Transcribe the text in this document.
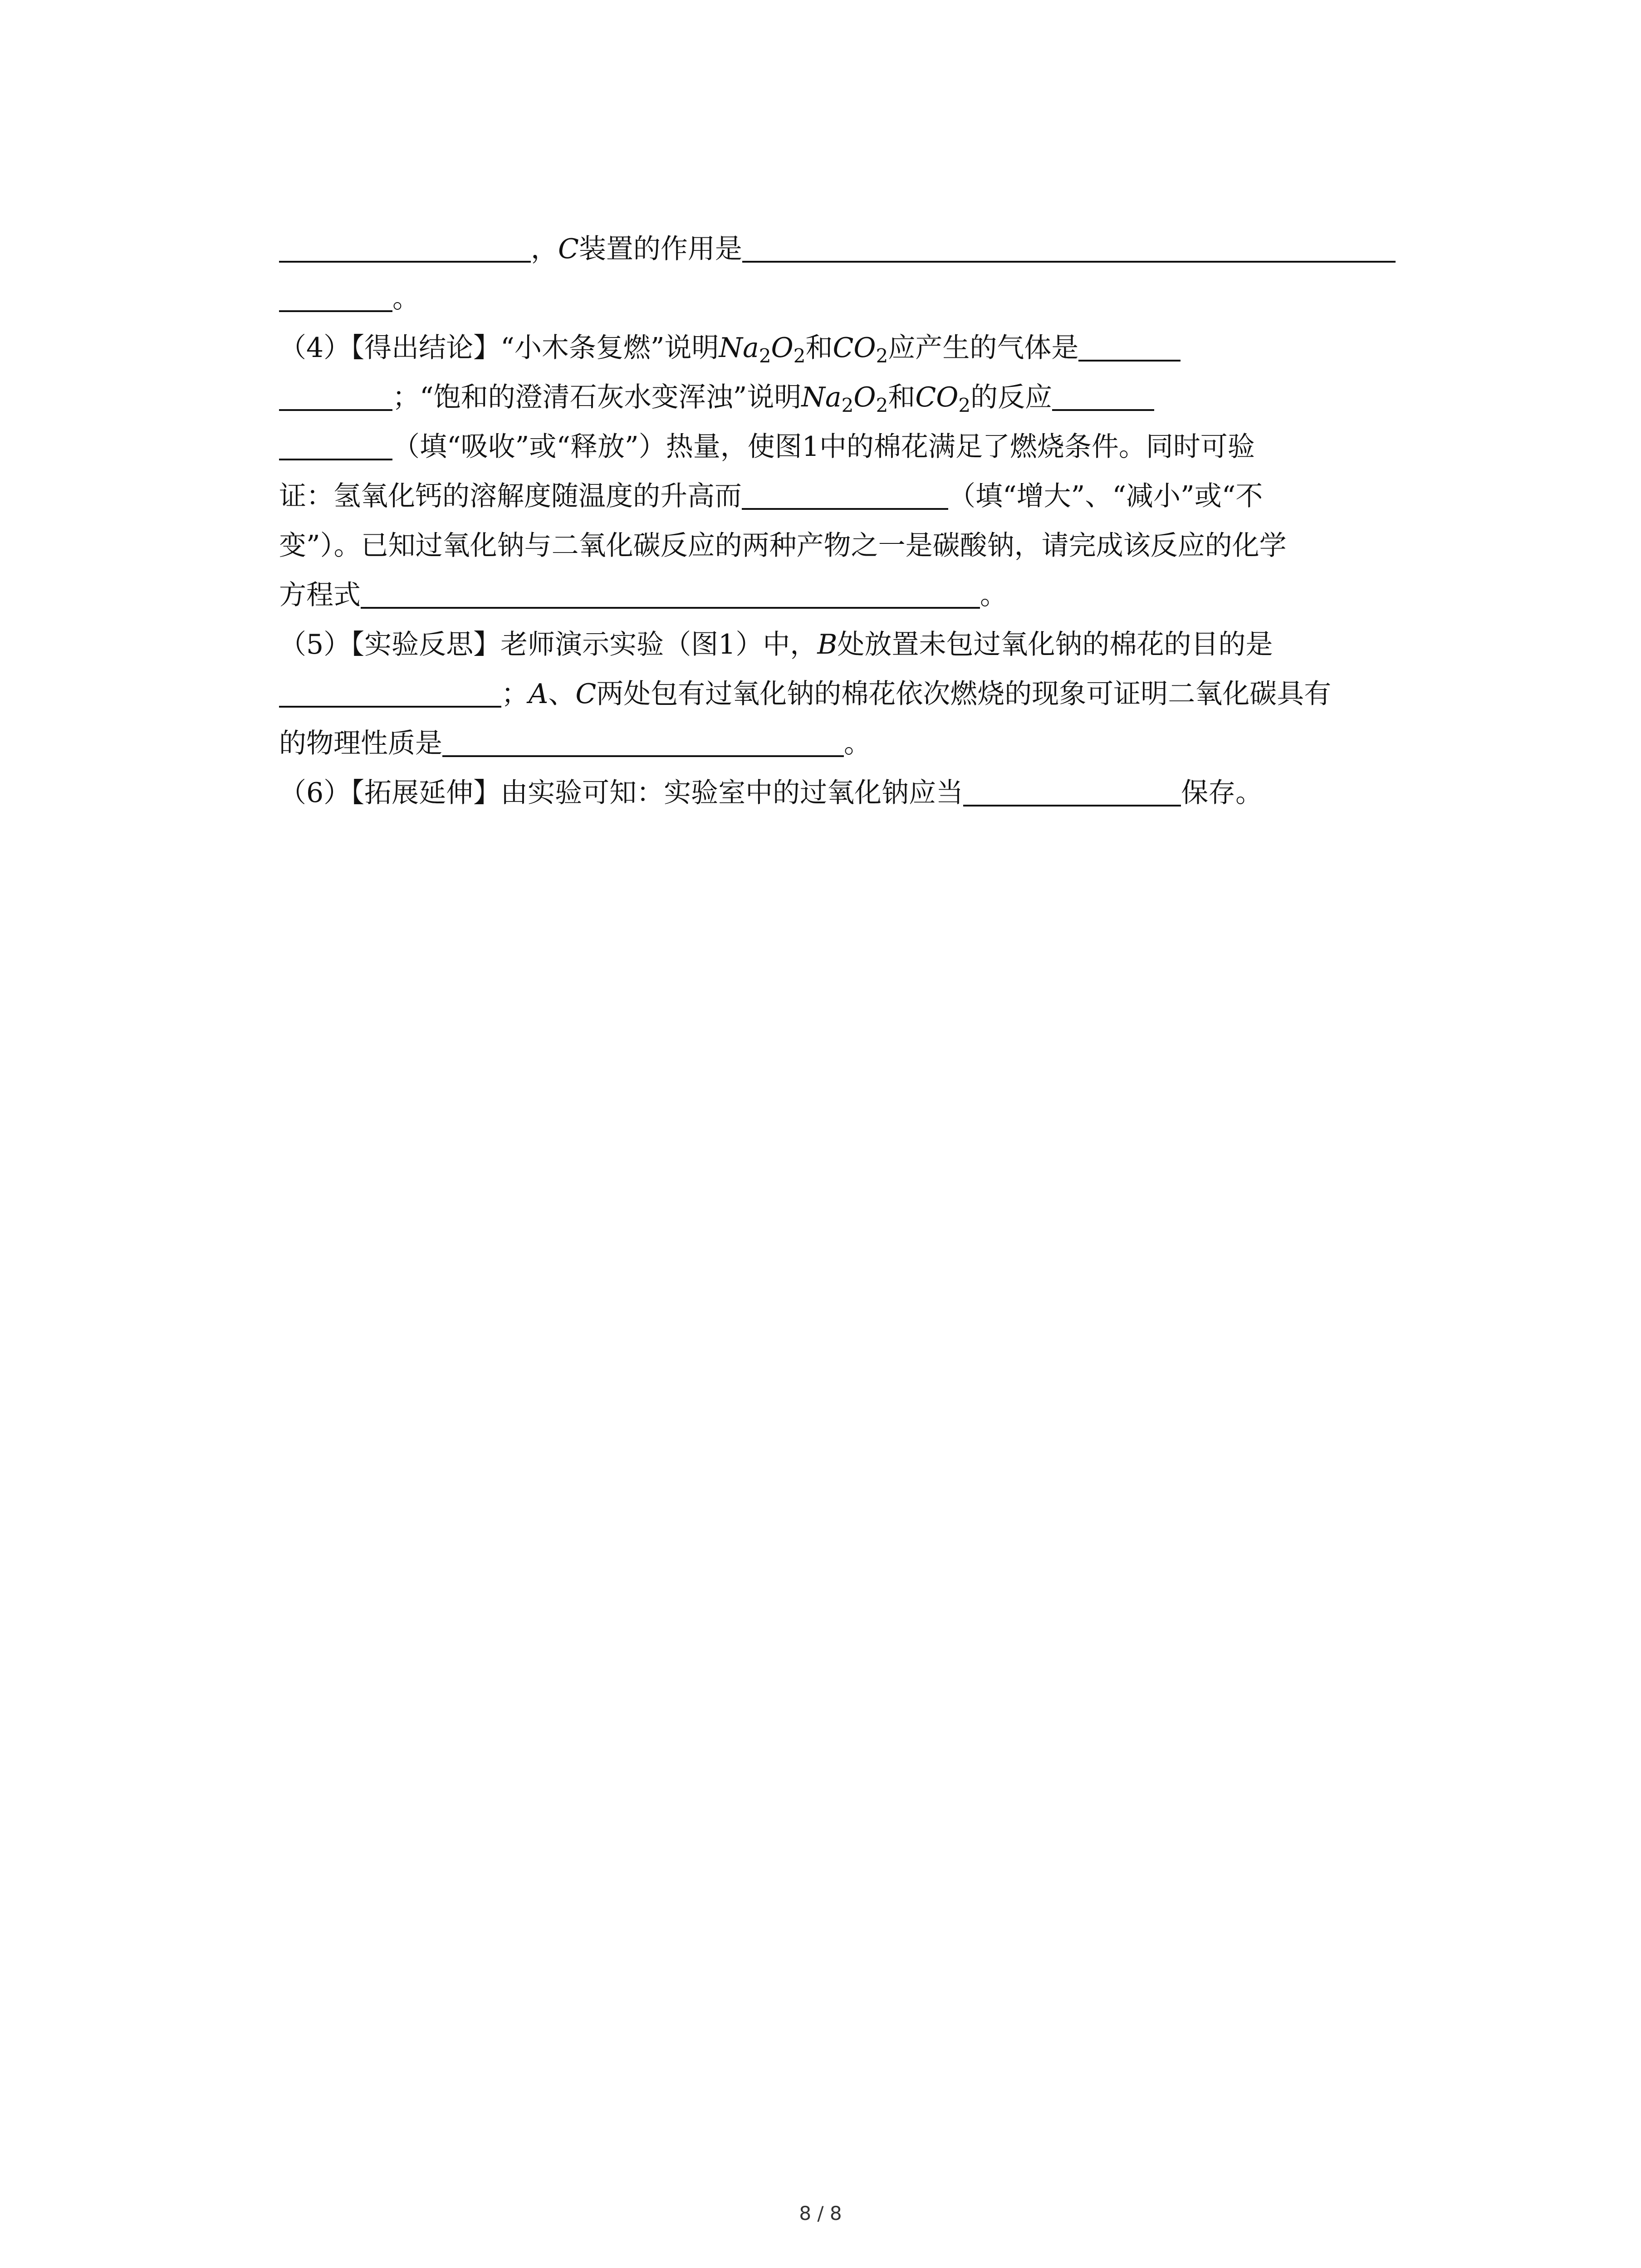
， C 装置的作用是
。
（4）【得出结论】“小木条复燃”说明 Na2O2 和 CO2 应产生的气体是
；“饱和的澄清石灰水变浑浊”说明 Na2O2 和 CO2 的反应
（填“吸收”或“释放”）热量，使图1中的棉花满足了燃烧条件。同时可验
证：氢氧化钙的溶解度随温度的升高而	（填“增大”、“减小”或“不
变”）。已知过氧化钠与二氧化碳反应的两种产物之一是碳酸钠，请完成该反应的化学
方程式	。
（5）【实验反思】老师演示实验（图1）中， B 处放置未包过氧化钠的棉花的目的是
； A 、 C 两处包有过氧化钠的棉花依次燃烧的现象可证明二氧化碳具有
的物理性质是	。
（6）【拓展延伸】由实验可知：实验室中的过氧化钠应当	保存。
8 / 8
